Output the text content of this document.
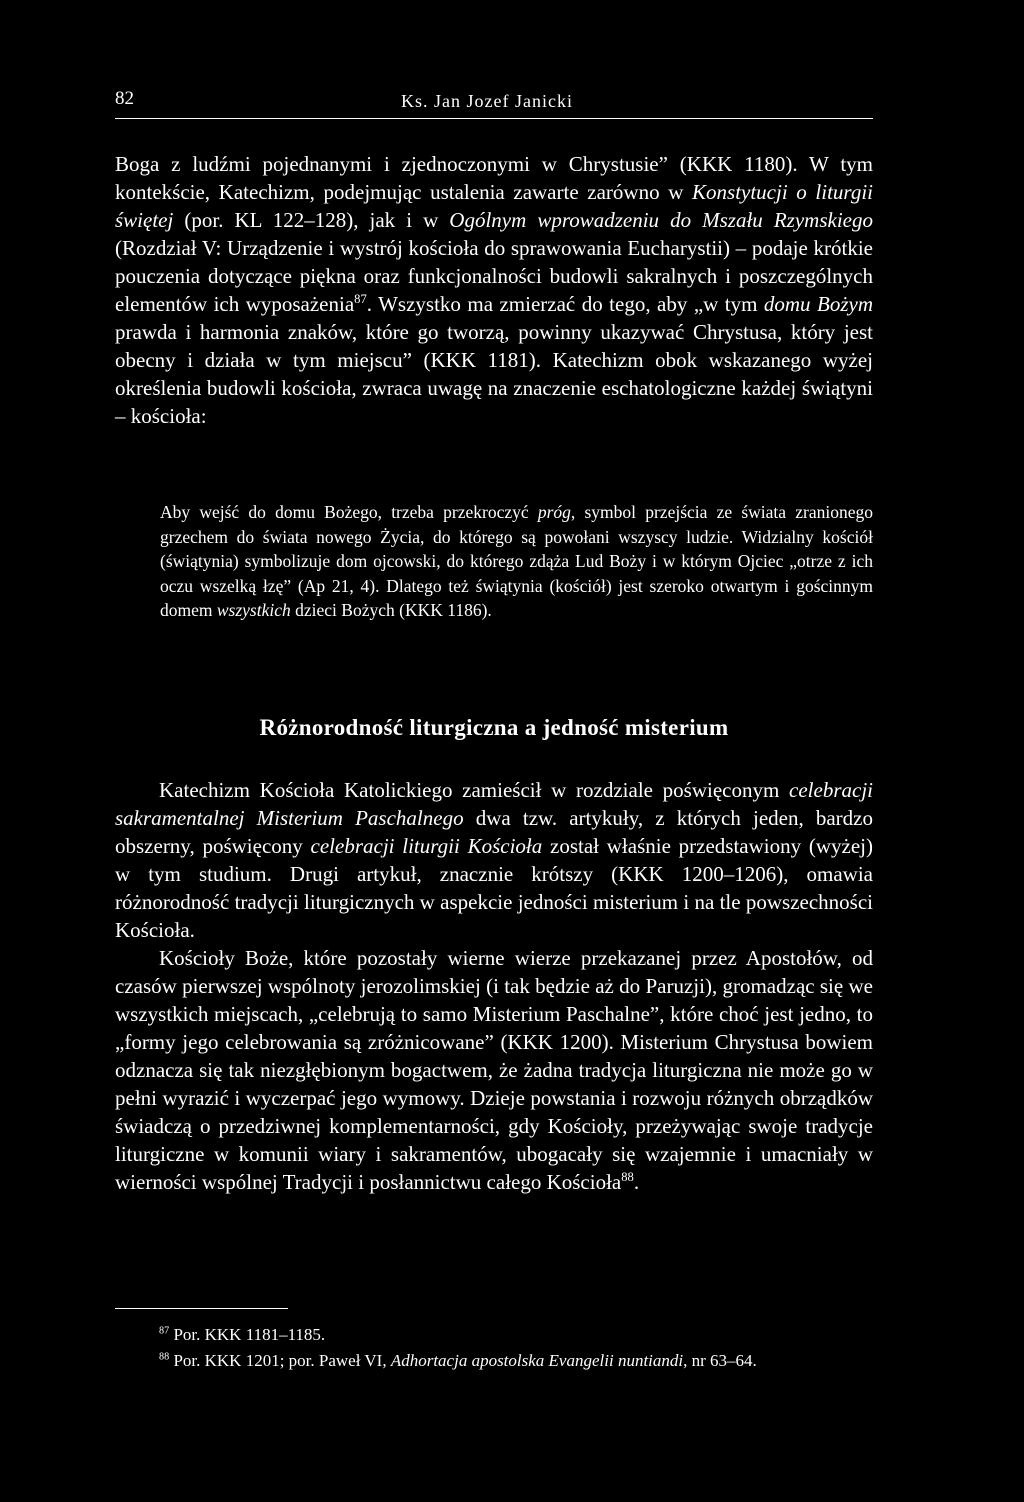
82	Ks. Jan Jozef Janicki

Boga z ludźmi pojednanymi i zjednoczonymi w Chrystusie” (KKK 1180). W tym kontekście, Katechizm, podejmując ustalenia zawarte zarówno w Konstytucji o liturgii świętej (por. KL 122–128), jak i w Ogólnym wprowadzeniu do Mszału Rzymskiego (Rozdział V: Urządzenie i wystrój kościoła do sprawowania Eucharystii) – podaje krótkie pouczenia dotyczące piękna oraz funkcjonalności budowli sakralnych i poszczególnych elementów ich wyposażenia$^{87}$. Wszystko ma zmierzać do tego, aby „w tym domu Bożym prawda i harmonia znaków, które go tworzą, powinny ukazywać Chrystusa, który jest obecny i działa w tym miejscu” (KKK 1181). Katechizm obok wskazanego wyżej określenia budowli kościoła, zwraca uwagę na znaczenie eschatologiczne każdej świątyni – kościoła:

Aby wejść do domu Bożego, trzeba przekroczyć próg, symbol przejścia ze świata zranionego grzechem do świata nowego Życia, do którego są powołani wszyscy ludzie. Widzialny kościół (świątynia) symbolizuje dom ojcowski, do którego zdąża Lud Boży i w którym Ojciec „otrze z ich oczu wszelką łzę” (Ap 21, 4). Dlatego też świątynia (kościół) jest szeroko otwartym i gościnnym domem wszystkich dzieci Bożych (KKK 1186).

Różnorodność liturgiczna a jedność misterium

Katechizm Kościoła Katolickiego zamieścił w rozdziale poświęconym celebracji sakramentalnej Misterium Paschalnego dwa tzw. artykuły, z których jeden, bardzo obszerny, poświęcony celebracji liturgii Kościoła został właśnie przedstawiony (wyżej) w tym studium. Drugi artykuł, znacznie krótszy (KKK 1200–1206), omawia różnorodność tradycji liturgicznych w aspekcie jedności misterium i na tle powszechności Kościoła.

Kościoły Boże, które pozostały wierne wierze przekazanej przez Apostołów, od czasów pierwszej wspólnoty jerozolimskiej (i tak będzie aż do Paruzji), gromadząc się we wszystkich miejscach, „celebrują to samo Misterium Paschalne”, które choć jest jedno, to „formy jego celebrowania są zróżnicowane” (KKK 1200). Misterium Chrystusa bowiem odznacza się tak niezgłębionym bogactwem, że żadna tradycja liturgiczna nie może go w pełni wyrazić i wyczerpać jego wymowy. Dzieje powstania i rozwoju różnych obrządków świadczą o przedziwnej komplementarności, gdy Kościoły, przeżywając swoje tradycje liturgiczne w komunii wiary i sakramentów, ubogacały się wzajemnie i umacniały w wierności wspólnej Tradycji i posłannictwu całego Kościoła$^{88}$.

$^{87}$ Por. KKK 1181–1185.

$^{88}$ Por. KKK 1201; por. Paweł VI, Adhortacja apostolska Evangelii nuntiandi, nr 63–64.
